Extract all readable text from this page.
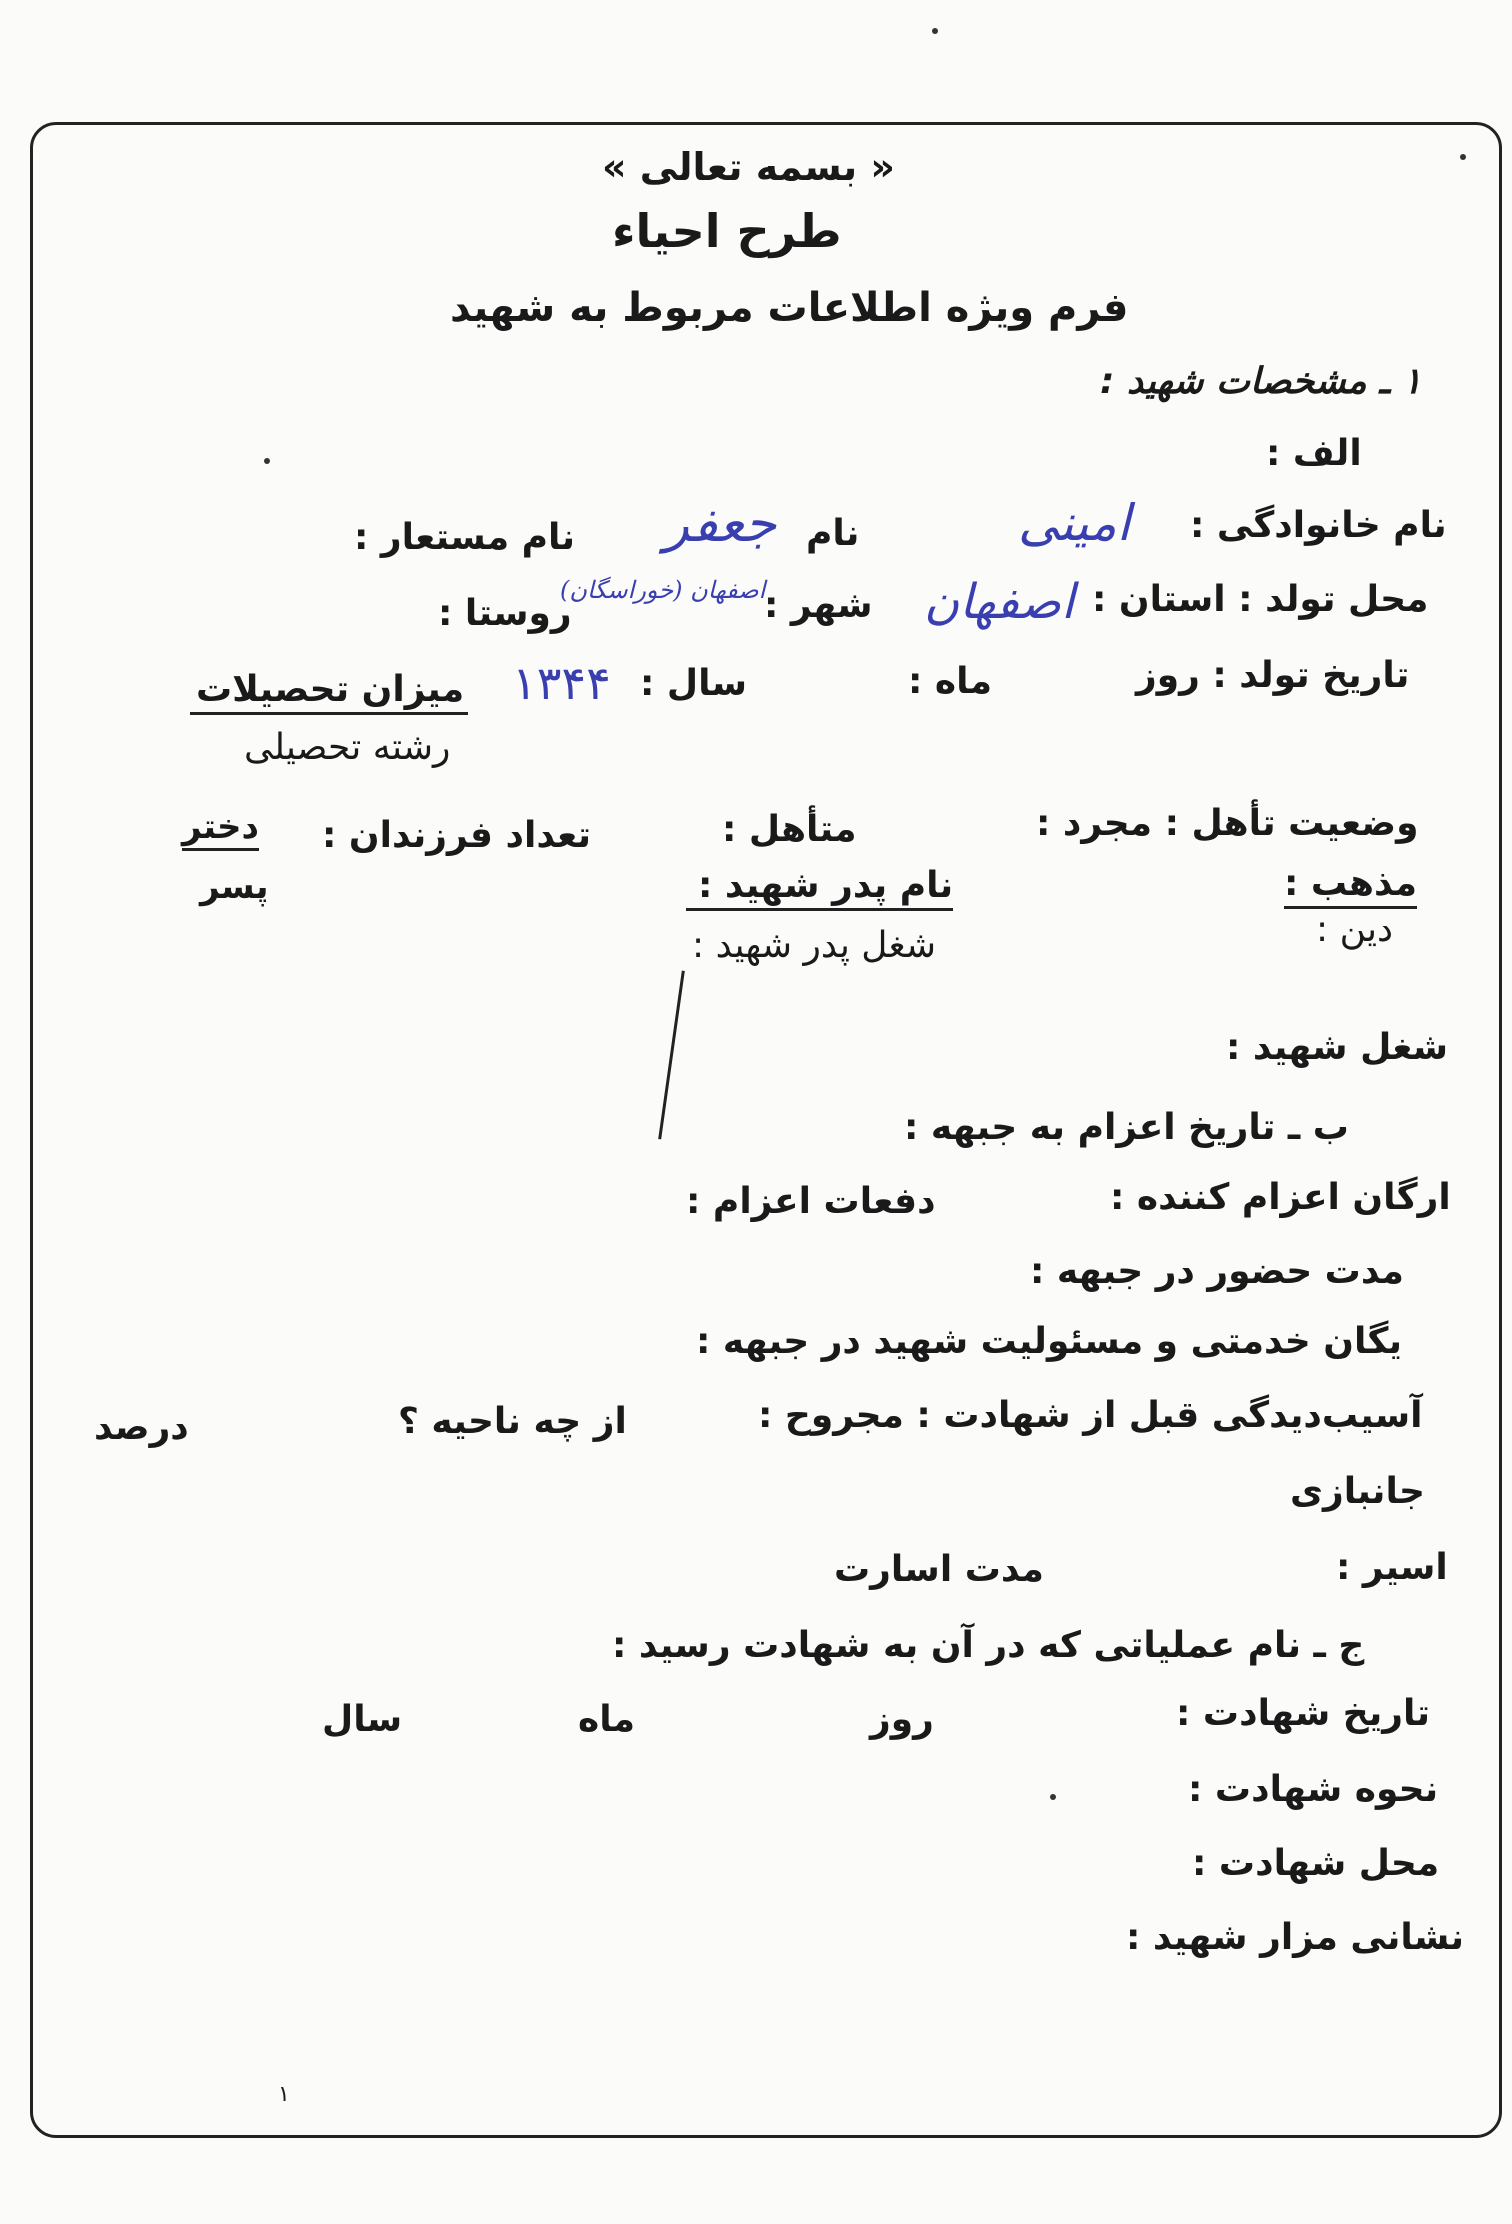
« بسمه تعالی »
طرح احیاء
فرم ویژه اطلاعات مربوط به شهید
۱ ـ مشخصات شهید :
الف :
نام خانوادگی :
امینی
نام
جعفر
نام مستعار :
محل تولد : استان :
اصفهان
شهر :
اصفهان (خوراسگان)
روستا :
تاریخ تولد : روز
ماه :
سال :
۱۳۴۴
میزان تحصیلات
رشته تحصیلی
وضعیت تأهل : مجرد :
متأهل :
تعداد فرزندان :
دختر
پسر	مذهب :
دین :
نام پدر شهید :
شغل پدر شهید :
شغل شهید :
ب ـ تاریخ اعزام به جبهه :
ارگان اعزام کننده :
دفعات اعزام :
مدت حضور در جبهه :
یگان خدمتی و مسئولیت شهید در جبهه :
آسیب‌دیدگی قبل از شهادت : مجروح :
از چه ناحیه ؟
درصد
جانبازی
اسیر :
مدت اسارت
ج ـ نام عملیاتی که در آن به شهادت رسید :
تاریخ شهادت :
روز
ماه
سال
نحوه شهادت :
محل شهادت :
نشانی مزار شهید :
۱
